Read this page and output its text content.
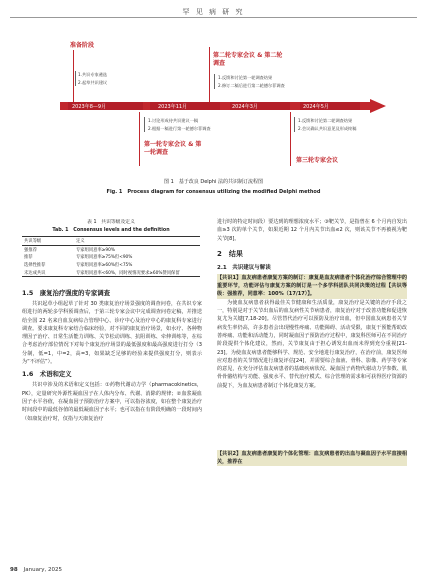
罕 见 病 研 究
准备阶段
1.共识专家遴选
2.起草共识建议
第二轮专家会议 & 第二轮调查
1.反馈和讨论第一轮调查结果
2.修订二稿后进行第二轮德尔菲调查
2023年8—9月	2023年11月	2024年3月	2024年5月
1.讨论形成待共识建议一稿
2.根据一稿进行第一轮德尔菲调查
第一轮专家会议 & 第一轮调查
1.反馈和讨论第二轮调查结果
2.会议确认共识意见及形成终稿
第三轮专家会议
图 1　基于改良 Delphi 法的共识制订流程图
Fig. 1　Process diagram for consensus utilizing the modified Delphi method
表 1　共识等级及定义
Tab. 1　Consensus levels and the definition
共识等级	定义
强推荐	专家组同意率≥90%
推荐	专家组同意率≥75%但<90%
选择性推荐	专家组同意率≥60%但<75%
未达成共识	专家组同意率<60%，同时视情况要求≥60%赞同保留
1.5　康复治疗强度的专家调查
共识起草小组起草了针对 30 类康复治疗场景强度的调查问卷，在共识专家组进行的两轮多学科预调查后，于第三轮专家会议中完成调查问卷定稿，并推送给全国 22 名来自血友病综合管理中心、诊疗中心及治疗中心的康复科专家进行调查。要求康复科专家结合临床经验，对不同的康复治疗场景，如水疗、各种物理因子治疗、日常生活能力训练、关节松动训练、抗阻训练、牵伸训练等，在综合考虑治疗部位情况下对每个康复治疗场景的最低强度和最高强度进行打分（3 分制，低=1，中=2，高=3，如果缺乏足够的经验来提供强度打分，则表示为“不评估”）。
1.6　术语和定义
共识中涉及的术语和定义包括：①药物代谢动力学（pharmacokinetics，PK），定量研究外源性凝血因子在人体内分布、代谢、消除的规律；②血浆凝血因子水平谷值，在凝血因子预防治疗方案中，可以指谷浓度，如在整个康复治疗时间段中的最低谷值的最低凝血因子水平；也可以指在有阶段明确的一段时间内（如康复治疗时，仅指与天康复治疗
进行时的特定时间段）要达到的理想浓度水平；③靶关节，是指曾在 6 个月内自发出血≥3 次的单个关节，如果近期 12 个月内关节出血≤2 次，则该关节不再被视为靶关节[8]。
2　结果
2.1　共识建议与解读
【共识1】血友病患者康复方案的制订：康复是血友病患者个体化治疗综合管理中的重要环节，功能评估与康复方案的制订是一个多学科团队共同决策的过程【共识等级：强推荐，同意率：100%（17/17）】。
为使血友病患者获得最佳关节健康和生活质量，康复治疗是关键的治疗手段之一，特别是对于关节出血后的血友病性关节病患者，康复治疗对于改善功能和促进恢复尤为关键[7,18-20]。尽管替代治疗可以预防及治疗出血，但中国血友病患者关节病发生率仍高，许多患者会出现慢性疼痛、功能障碍、活动受限，康复干预能帮助改善疼痛、功能和活动能力，同时凝血因子预防治疗过程中，康复科医师可在不同治疗阶段提供个体化建议，然而，关节康复由于担心诱发出血而未得到充分重视[21-23]。为使血友病患者能够科学、规范、安全地进行康复治疗，在治疗前，康复医师应对患者的关节情况进行康复评估[24]，并需要综合血液、骨科、影像、药学等专家的意见，在充分评估血友病患者的基础疾病状况、凝血因子药物代谢动力学参数、肌骨骨骼结构与功能、强度水平、替代治疗模式、综合管理的需求和可获得医疗资源的前提下，为血友病患者制订个体化康复方案。
【共识2】血友病患者康复的个体化管理：血友病患者的出血与凝血因子水平直接相关，推荐在
98 January, 2025
